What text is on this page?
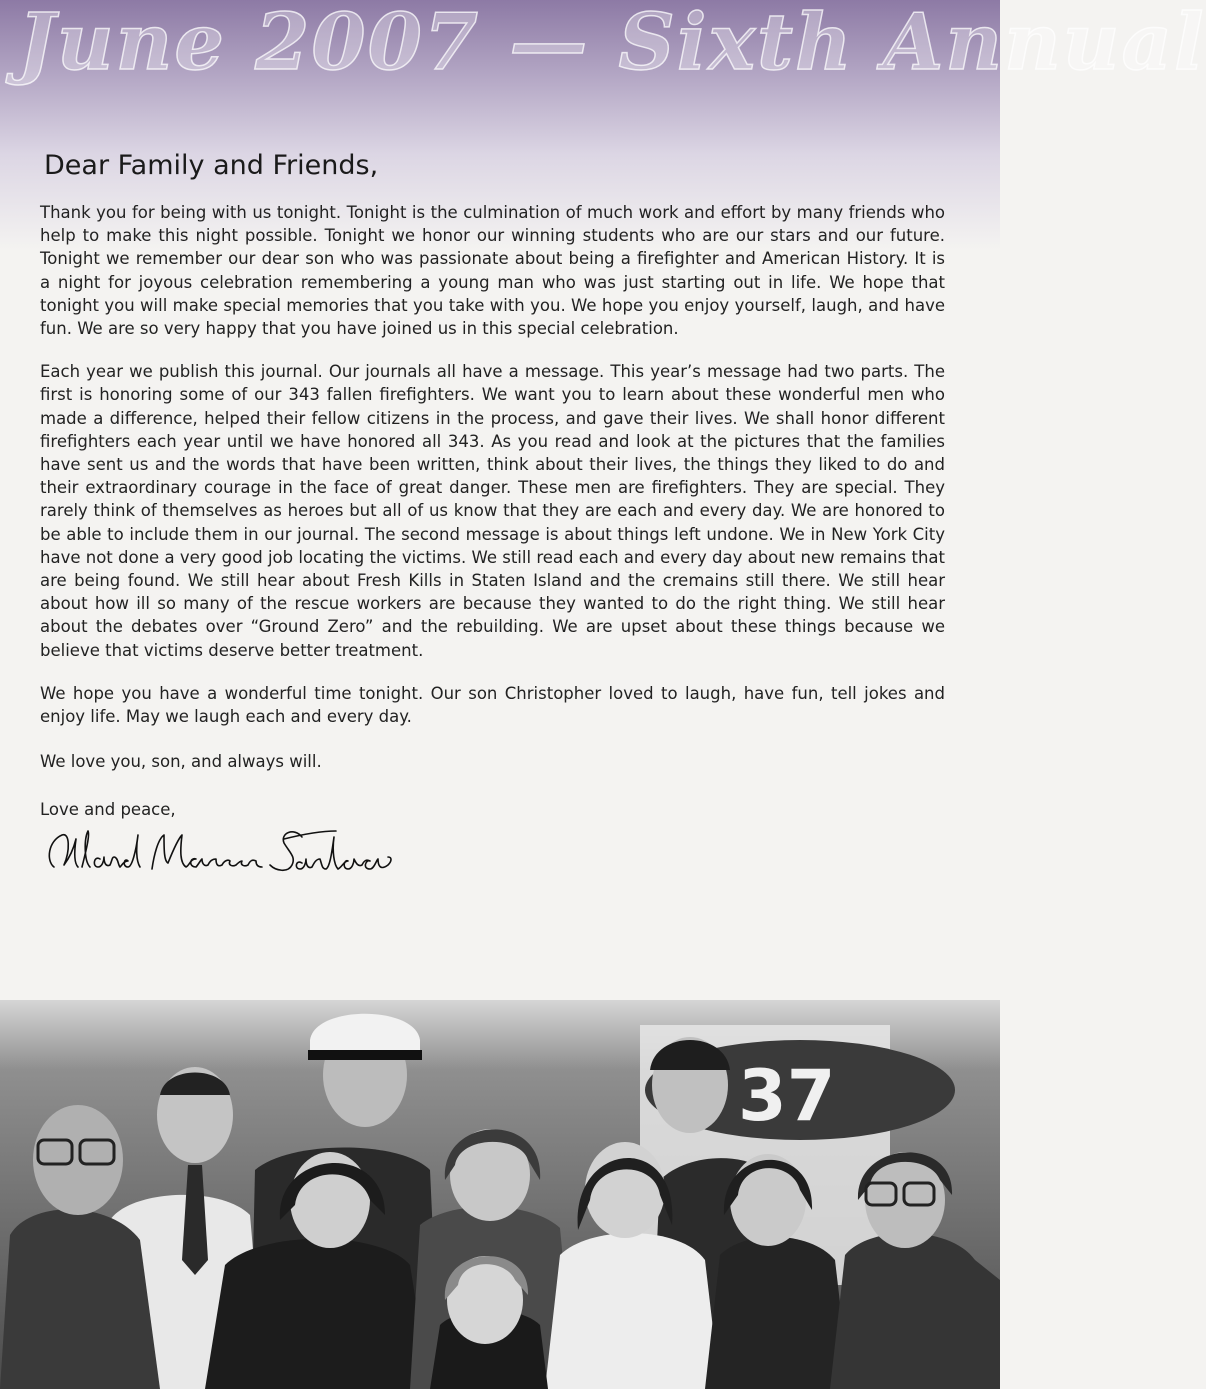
June 2007 — Sixth Annual
Dear Family and Friends,

Thank you for being with us tonight. Tonight is the culmination of much work and effort by many friends who help to make this night possible. Tonight we honor our winning students who are our stars and our future. Tonight we remember our dear son who was passionate about being a firefighter and American History. It is a night for joyous celebration remembering a young man who was just starting out in life. We hope that tonight you will make special memories that you take with you. We hope you enjoy yourself, laugh, and have fun. We are so very happy that you have joined us in this special celebration.

Each year we publish this journal. Our journals all have a message. This year’s message had two parts. The first is honoring some of our 343 fallen firefighters. We want you to learn about these wonderful men who made a difference, helped their fellow citizens in the process, and gave their lives. We shall honor different firefighters each year until we have honored all 343. As you read and look at the pictures that the families have sent us and the words that have been written, think about their lives, the things they liked to do and their extraordinary courage in the face of great danger. These men are firefighters. They are special. They rarely think of themselves as heroes but all of us know that they are each and every day. We are honored to be able to include them in our journal. The second message is about things left undone. We in New York City have not done a very good job locating the victims. We still read each and every day about new remains that are being found. We still hear about Fresh Kills in Staten Island and the cremains still there. We still hear about how ill so many of the rescue workers are because they wanted to do the right thing. We still hear about the debates over “Ground Zero” and the rebuilding. We are upset about these things because we believe that victims deserve better treatment.

We hope you have a wonderful time tonight. Our son Christopher loved to laugh, have fun, tell jokes and enjoy life. May we laugh each and every day.

We love you, son, and always will.

Love and peace,
37
